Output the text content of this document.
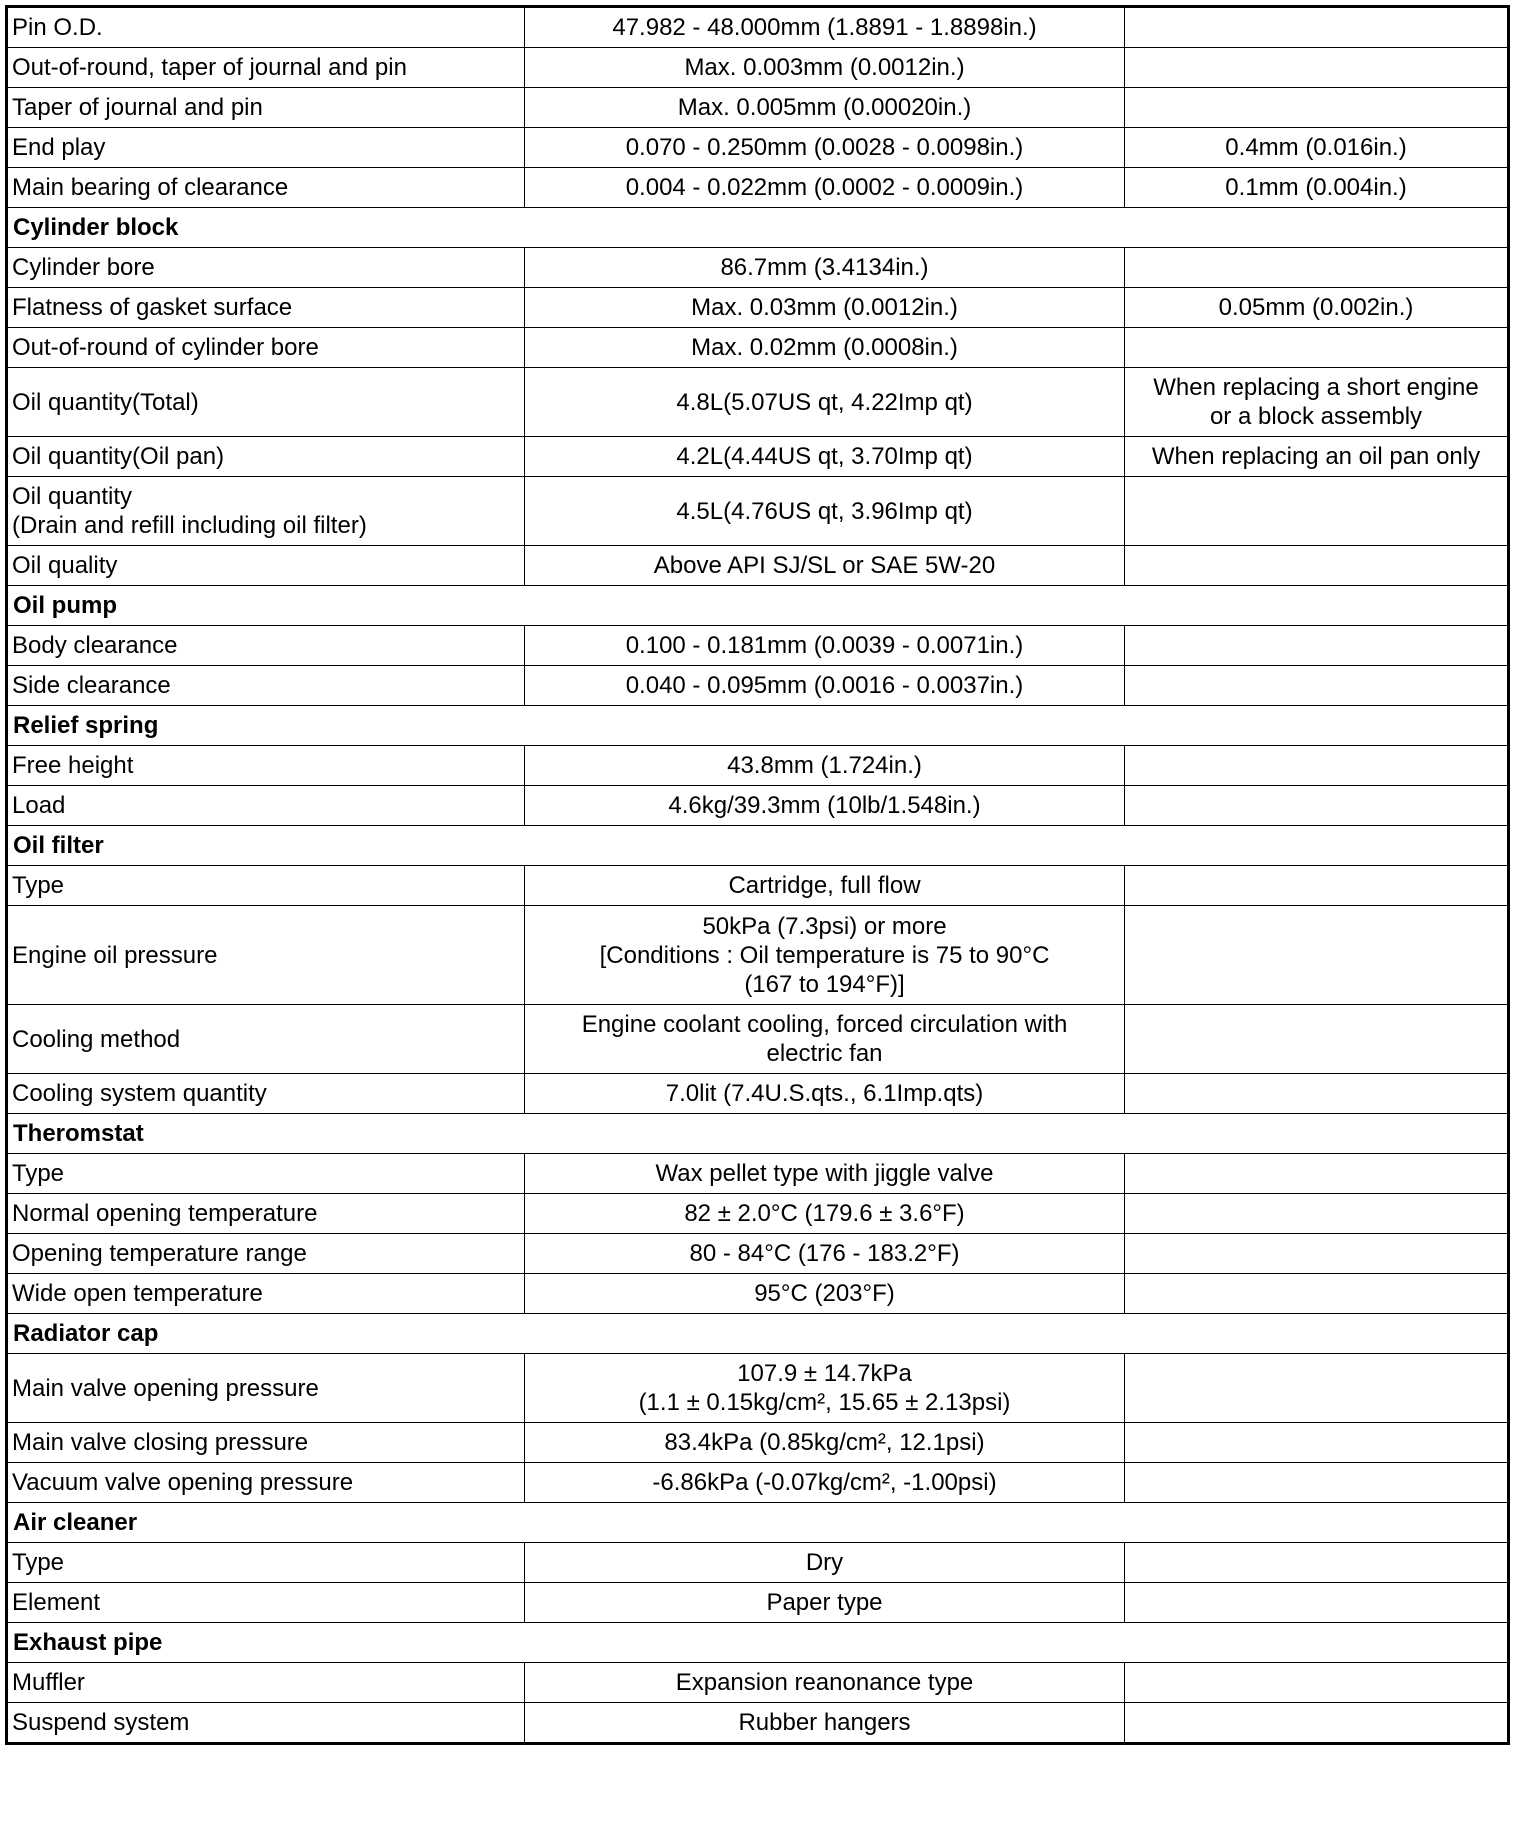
Pin O.D.	47.982 - 48.000mm (1.8891 - 1.8898in.)	
Out-of-round, taper of journal and pin	Max. 0.003mm (0.0012in.)	
Taper of journal and pin	Max. 0.005mm (0.00020in.)	
End play	0.070 - 0.250mm (0.0028 - 0.0098in.)	0.4mm (0.016in.)
Main bearing of clearance	0.004 - 0.022mm (0.0002 - 0.0009in.)	0.1mm (0.004in.)
Cylinder block		
Cylinder bore	86.7mm (3.4134in.)	
Flatness of gasket surface	Max. 0.03mm (0.0012in.)	0.05mm (0.002in.)
Out-of-round of cylinder bore	Max. 0.02mm (0.0008in.)	
Oil quantity(Total)	4.8L(5.07US qt, 4.22Imp qt)	When replacing a short engine
or a block assembly
Oil quantity(Oil pan)	4.2L(4.44US qt, 3.70Imp qt)	When replacing an oil pan only
Oil quantity
(Drain and refill including oil filter)	4.5L(4.76US qt, 3.96Imp qt)	
Oil quality	Above API SJ/SL or SAE 5W-20	
Oil pump		
Body clearance	0.100 - 0.181mm (0.0039 - 0.0071in.)	
Side clearance	0.040 - 0.095mm (0.0016 - 0.0037in.)	
Relief spring		
Free height	43.8mm (1.724in.)	
Load	4.6kg/39.3mm (10lb/1.548in.)	
Oil filter		
Type	Cartridge, full flow	
Engine oil pressure	50kPa (7.3psi) or more
[Conditions : Oil temperature is 75 to 90°C
(167 to 194°F)]	
Cooling method	Engine coolant cooling, forced circulation with
electric fan	
Cooling system quantity	7.0lit (7.4U.S.qts., 6.1Imp.qts)	
Theromstat		
Type	Wax pellet type with jiggle valve	
Normal opening temperature	82 ± 2.0°C (179.6 ± 3.6°F)	
Opening temperature range	80 - 84°C (176 - 183.2°F)	
Wide open temperature	95°C (203°F)	
Radiator cap		
Main valve opening pressure	107.9 ± 14.7kPa
(1.1 ± 0.15kg/cm², 15.65 ± 2.13psi)	
Main valve closing pressure	83.4kPa (0.85kg/cm², 12.1psi)	
Vacuum valve opening pressure	-6.86kPa (-0.07kg/cm², -1.00psi)	
Air cleaner		
Type	Dry	
Element	Paper type	
Exhaust pipe		
Muffler	Expansion reanonance type	
Suspend system	Rubber hangers	
